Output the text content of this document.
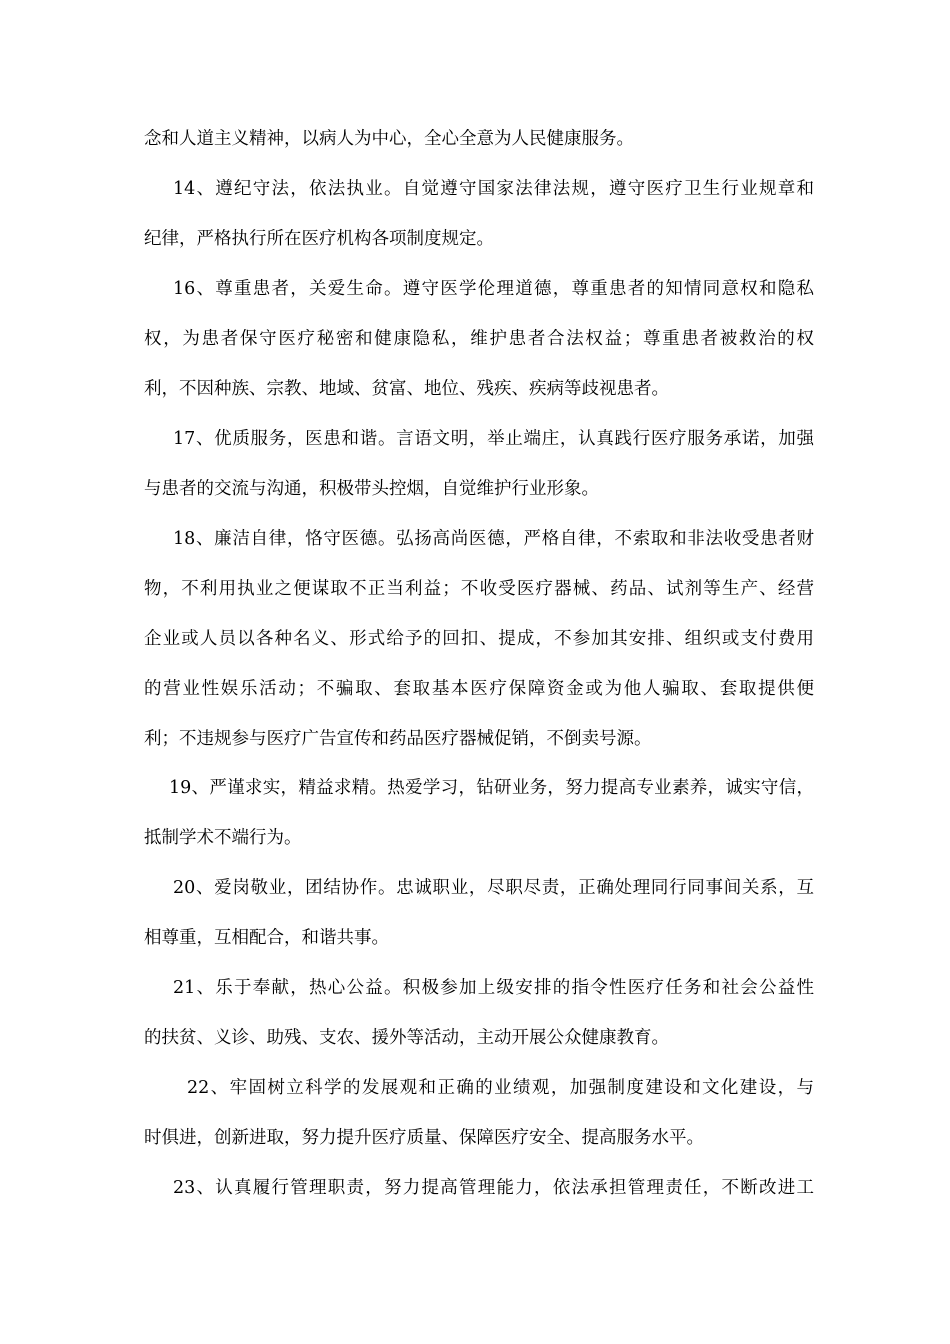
念和人道主义精神，以病人为中心，全心全意为人民健康服务。
14、遵纪守法，依法执业。自觉遵守国家法律法规，遵守医疗卫生行业规章和
纪律，严格执行所在医疗机构各项制度规定。
16、尊重患者，关爱生命。遵守医学伦理道德，尊重患者的知情同意权和隐私
权，为患者保守医疗秘密和健康隐私，维护患者合法权益；尊重患者被救治的权
利，不因种族、宗教、地域、贫富、地位、残疾、疾病等歧视患者。
17、优质服务，医患和谐。言语文明，举止端庄，认真践行医疗服务承诺，加强
与患者的交流与沟通，积极带头控烟，自觉维护行业形象。
18、廉洁自律，恪守医德。弘扬高尚医德，严格自律，不索取和非法收受患者财
物，不利用执业之便谋取不正当利益；不收受医疗器械、药品、试剂等生产、经营
企业或人员以各种名义、形式给予的回扣、提成，不参加其安排、组织或支付费用
的营业性娱乐活动；不骗取、套取基本医疗保障资金或为他人骗取、套取提供便
利；不违规参与医疗广告宣传和药品医疗器械促销，不倒卖号源。
19、严谨求实，精益求精。热爱学习，钻研业务，努力提高专业素养，诚实守信，
抵制学术不端行为。
20、爱岗敬业，团结协作。忠诚职业，尽职尽责，正确处理同行同事间关系，互
相尊重，互相配合，和谐共事。
21、乐于奉献，热心公益。积极参加上级安排的指令性医疗任务和社会公益性
的扶贫、义诊、助残、支农、援外等活动，主动开展公众健康教育。
22、牢固树立科学的发展观和正确的业绩观，加强制度建设和文化建设，与
时俱进，创新进取，努力提升医疗质量、保障医疗安全、提高服务水平。
23、认真履行管理职责，努力提高管理能力，依法承担管理责任，不断改进工
